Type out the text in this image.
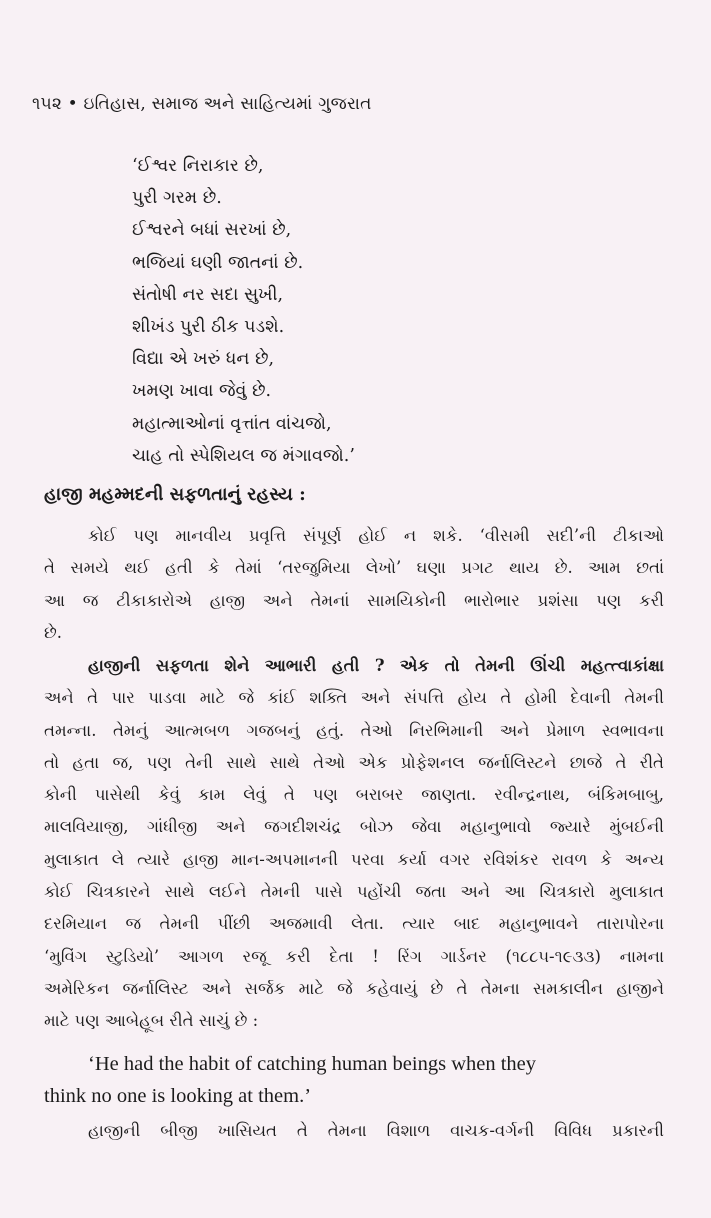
૧૫૨ • ઇતિહાસ, સમાજ અને સાહિત્યમાં ગુજરાત
‘ઈશ્વર નિરાકાર છે,
પુરી ગરમ છે.
ઈશ્વરને બધાં સરખાં છે,
ભજિયાં ઘણી જાતનાં છે.
સંતોષી નર સદા સુખી,
શીખંડ પુરી ઠીક પડશે.
વિદ્યા એ ખરું ધન છે,
ખમણ ખાવા જેવું છે.
મહાત્માઓનાં વૃત્તાંત વાંચજો,
ચાહ તો સ્પેશિયલ જ મંગાવજો.’
હાજી મહમ્મદની સફળતાનું રહસ્ય :
કોઈ પણ માનવીય પ્રવૃત્તિ સંપૂર્ણ હોઈ ન શકે. ‘વીસમી સદી’ની ટીકાઓ
તે સમયે થઈ હતી કે તેમાં ‘તરજુમિયા લેખો’ ઘણા પ્રગટ થાય છે. આમ છતાં
આ જ ટીકાકારોએ હાજી અને તેમનાં સામયિકોની ભારોભાર પ્રશંસા પણ કરી
છે.
હાજીની સફળતા શેને આભારી હતી ? એક તો તેમની ઊંચી મહત્ત્વાકાંક્ષા
અને તે પાર પાડવા માટે જે કાંઈ શક્તિ અને સંપત્તિ હોય તે હોમી દેવાની તેમની
તમન્ના. તેમનું આત્મબળ ગજબનું હતું. તેઓ નિરભિમાની અને પ્રેમાળ સ્વભાવના
તો હતા જ, પણ તેની સાથે સાથે તેઓ એક પ્રોફેશનલ જર્નાલિસ્ટને છાજે તે રીતે
કોની પાસેથી કેવું કામ લેવું તે પણ બરાબર જાણતા. રવીન્દ્રનાથ, બંકિમબાબુ,
માલવિયાજી, ગાંધીજી અને જગદીશચંદ્ર બોઝ જેવા મહાનુભાવો જ્યારે મુંબઈની
મુલાકાત લે ત્યારે હાજી માન-અપમાનની પરવા કર્યા વગર રવિશંકર રાવળ કે અન્ય
કોઈ ચિત્રકારને સાથે લઈને તેમની પાસે પહોંચી જતા અને આ ચિત્રકારો મુલાકાત
દરમિયાન જ તેમની પીંછી અજમાવી લેતા. ત્યાર બાદ મહાનુભાવને તારાપોરના
‘મુવિંગ સ્ટુડિયો’ આગળ રજૂ કરી દેતા ! રિંગ ગાર્ડનર (૧૮૮૫-૧૯૩૩) નામના
અમેરિકન જર્નાલિસ્ટ અને સર્જક માટે જે કહેવાયું છે તે તેમના સમકાલીન હાજીને
માટે પણ આબેહૂબ રીતે સાચું છે :
‘He had the habit of catching human beings when they
think no one is looking at them.’
હાજીની બીજી ખાસિયત તે તેમના વિશાળ વાચક-વર્ગની વિવિધ પ્રકારની
